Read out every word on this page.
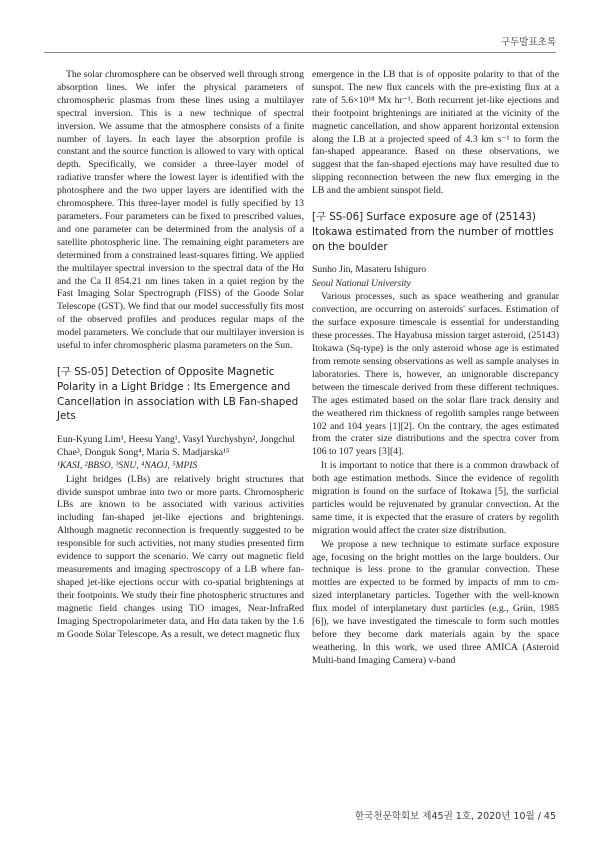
구두발표초록

The solar chromosphere can be observed well through strong absorption lines. We infer the physical parameters of chromospheric plasmas from these lines using a multilayer spectral inversion. This is a new technique of spectral inversion. We assume that the atmosphere consists of a finite number of layers. In each layer the absorption profile is constant and the source function is allowed to vary with optical depth. Specifically, we consider a three-layer model of radiative transfer where the lowest layer is identified with the photosphere and the two upper layers are identified with the chromosphere. This three-layer model is fully specified by 13 parameters. Four parameters can be fixed to prescribed values, and one parameter can be determined from the analysis of a satellite photospheric line. The remaining eight parameters are determined from a constrained least-squares fitting. We applied the multilayer spectral inversion to the spectral data of the Hα and the Ca II 854.21 nm lines taken in a quiet region by the Fast Imaging Solar Spectrograph (FISS) of the Goode Solar Telescope (GST). We find that our model successfully fits most of the observed profiles and produces regular maps of the model parameters. We conclude that our multilayer inversion is useful to infer chromospheric plasma parameters on the Sun.

[구 SS-05] Detection of Opposite Magnetic Polarity in a Light Bridge : Its Emergence and Cancellation in association with LB Fan-shaped Jets

Eun-Kyung Lim¹, Heesu Yang¹, Vasyl Yurchyshyn², Jongchul Chae³, Donguk Song⁴, Maria S. Madjarska¹⁵

¹KASI, ²BBSO, ³SNU, ⁴NAOJ, ⁵MPIS

Light bridges (LBs) are relatively bright structures that divide sunspot umbrae into two or more parts. Chromospheric LBs are known to be associated with various activities including fan-shaped jet-like ejections and brightenings. Although magnetic reconnection is frequently suggested to be responsible for such activities, not many studies presented firm evidence to support the scenario. We carry out magnetic field measurements and imaging spectroscopy of a LB where fan-shaped jet-like ejections occur with co-spatial brightenings at their footpoints. We study their fine photospheric structures and magnetic field changes using TiO images, Near-InfraRed Imaging Spectropolarimeter data, and Hα data taken by the 1.6 m Goode Solar Telescope. As a result, we detect magnetic flux

emergence in the LB that is of opposite polarity to that of the sunspot. The new flux cancels with the pre-existing flux at a rate of 5.6×10¹⁸ Mx hr⁻¹. Both recurrent jet-like ejections and their footpoint brightenings are initiated at the vicinity of the magnetic cancellation, and show apparent horizontal extension along the LB at a projected speed of 4.3 km s⁻¹ to form the fan-shaped appearance. Based on these observations, we suggest that the fan-shaped ejections may have resulted due to slipping reconnection between the new flux emerging in the LB and the ambient sunspot field.

[구 SS-06] Surface exposure age of (25143) Itokawa estimated from the number of mottles on the boulder

Sunho Jin, Masateru Ishiguro

Seoul National University

Various processes, such as space weathering and granular convection, are occurring on asteroids' surfaces. Estimation of the surface exposure timescale is essential for understanding these processes. The Hayabusa mission target asteroid, (25143) Itokawa (Sq-type) is the only asteroid whose age is estimated from remote sensing observations as well as sample analyses in laboratories. There is, however, an unignorable discrepancy between the timescale derived from these different techniques. The ages estimated based on the solar flare track density and the weathered rim thickness of regolith samples range between 102 and 104 years [1][2]. On the contrary, the ages estimated from the crater size distributions and the spectra cover from 106 to 107 years [3][4].

It is important to notice that there is a common drawback of both age estimation methods. Since the evidence of regolith migration is found on the surface of Itokawa [5], the surficial particles would be rejuvenated by granular convection. At the same time, it is expected that the erasure of craters by regolith migration would affect the crater size distribution.

We propose a new technique to estimate surface exposure age, focusing on the bright mottles on the large boulders. Our technique is less prone to the granular convection. These mottles are expected to be formed by impacts of mm to cm-sized interplanetary particles. Together with the well-known flux model of interplanetary dust particles (e.g., Grün, 1985 [6]), we have investigated the timescale to form such mottles before they become dark materials again by the space weathering. In this work, we used three AMICA (Asteroid Multi-band Imaging Camera) v-band

한국천문학회보 제45권 1호, 2020년 10월 / 45
